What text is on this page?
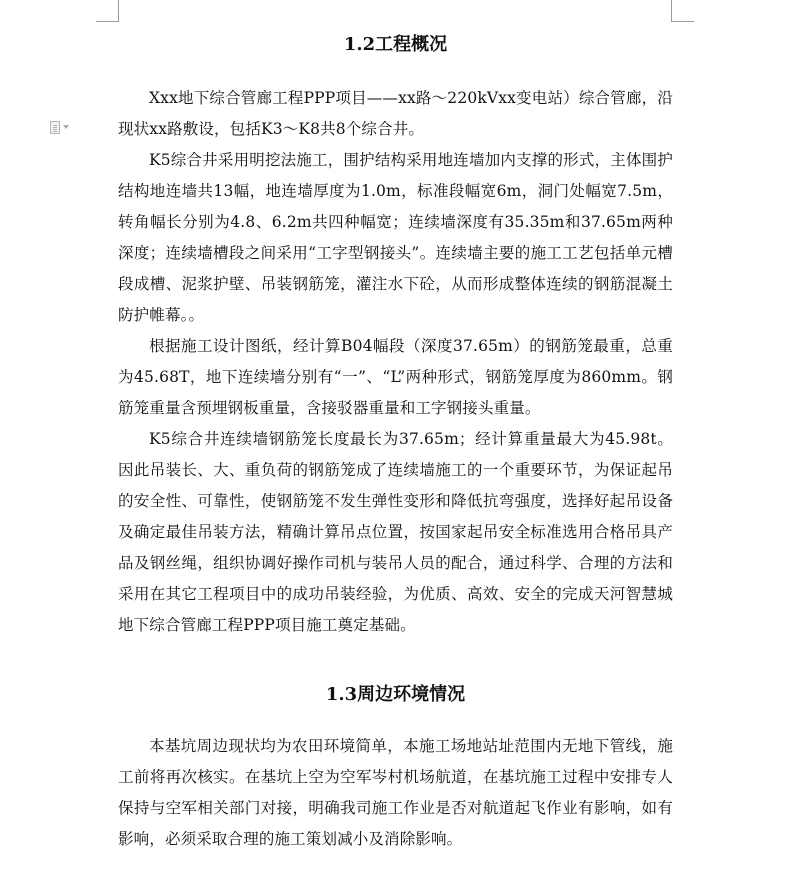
1.2工程概况

Xxx地下综合管廊工程PPP项目——xx路～220kVxx变电站）综合管廊，沿现状xx路敷设，包括K3～K8共8个综合井。

K5综合井采用明挖法施工，围护结构采用地连墙加内支撑的形式，主体围护结构地连墙共13幅，地连墙厚度为1.0m，标准段幅宽6m，洞门处幅宽7.5m，转角幅长分别为4.8、6.2m共四种幅宽；连续墙深度有35.35m和37.65m两种深度；连续墙槽段之间采用“工字型钢接头”。连续墙主要的施工工艺包括单元槽段成槽、泥浆护壁、吊装钢筋笼，灌注水下砼，从而形成整体连续的钢筋混凝土防护帷幕。。

根据施工设计图纸，经计算B04幅段（深度37.65m）的钢筋笼最重，总重为45.68T，地下连续墙分别有“一”、“L”两种形式，钢筋笼厚度为860mm。钢筋笼重量含预埋钢板重量，含接驳器重量和工字钢接头重量。

K5综合井连续墙钢筋笼长度最长为37.65m；经计算重量最大为45.98t。因此吊装长、大、重负荷的钢筋笼成了连续墙施工的一个重要环节，为保证起吊的安全性、可靠性，使钢筋笼不发生弹性变形和降低抗弯强度，选择好起吊设备及确定最佳吊装方法，精确计算吊点位置，按国家起吊安全标准选用合格吊具产品及钢丝绳，组织协调好操作司机与装吊人员的配合，通过科学、合理的方法和采用在其它工程项目中的成功吊装经验，为优质、高效、安全的完成天河智慧城地下综合管廊工程PPP项目施工奠定基础。

1.3周边环境情况

本基坑周边现状均为农田环境简单，本施工场地站址范围内无地下管线，施工前将再次核实。在基坑上空为空军岑村机场航道，在基坑施工过程中安排专人保持与空军相关部门对接，明确我司施工作业是否对航道起飞作业有影响，如有影响，必须采取合理的施工策划减小及消除影响。
